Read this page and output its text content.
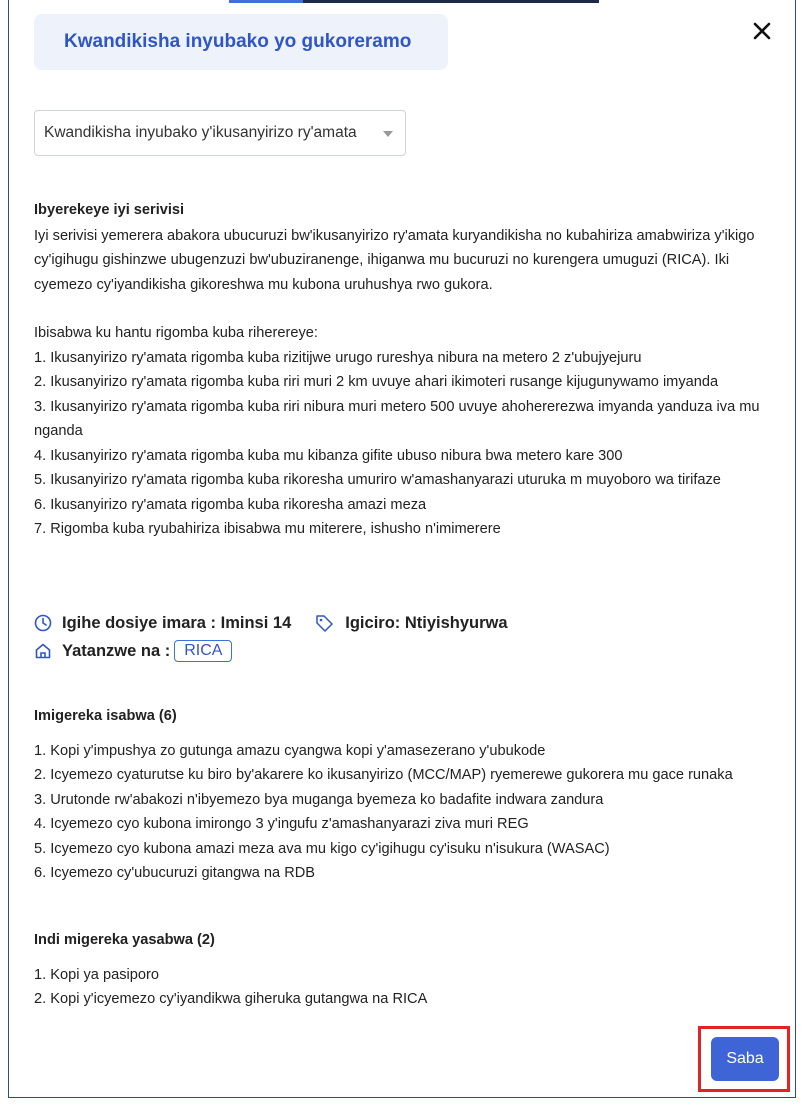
Kwandikisha inyubako yo gukoreramo
Kwandikisha inyubako y'ikusanyirizo ry'amata
Ibyerekeye iyi serivisi
Iyi serivisi yemerera abakora ubucuruzi bw'ikusanyirizo ry'amata kuryandikisha no kubahiriza amabwiriza y'ikigo cy'igihugu gishinzwe ubugenzuzi bw'ubuziranenge, ihiganwa mu bucuruzi no kurengera umuguzi (RICA). Iki cyemezo cy'iyandikisha gikoreshwa mu kubona uruhushya rwo gukora.
Ibisabwa ku hantu rigomba kuba riherereye:
1. Ikusanyirizo ry'amata rigomba kuba rizitijwe urugo rureshya nibura na metero 2 z'ubujyejuru
2. Ikusanyirizo ry'amata rigomba kuba riri muri 2 km uvuye ahari ikimoteri rusange kijugunywamo imyanda
3. Ikusanyirizo ry'amata rigomba kuba riri nibura muri metero 500 uvuye ahohererezwa imyanda yanduza iva mu nganda
4. Ikusanyirizo ry'amata rigomba kuba mu kibanza gifite ubuso nibura bwa metero kare 300
5. Ikusanyirizo ry'amata rigomba kuba rikoresha umuriro w'amashanyarazi uturuka m muyoboro wa tirifaze
6. Ikusanyirizo ry'amata rigomba kuba rikoresha amazi meza
7. Rigomba kuba ryubahiriza ibisabwa mu miterere, ishusho n'imimerere
Igihe dosiye imara : Iminsi 14	Igiciro: Ntiyishyurwa
Yatanzwe na : RICA
Imigereka isabwa (6)
1. Kopi y'impushya zo gutunga amazu cyangwa kopi y'amasezerano y'ubukode
2. Icyemezo cyaturutse ku biro by'akarere ko ikusanyirizo (MCC/MAP) ryemerewe gukorera mu gace runaka
3. Urutonde rw'abakozi n'ibyemezo bya muganga byemeza ko badafite indwara zandura
4. Icyemezo cyo kubona imirongo 3 y'ingufu z'amashanyarazi ziva muri REG
5. Icyemezo cyo kubona amazi meza ava mu kigo cy'igihugu cy'isuku n'isukura (WASAC)
6. Icyemezo cy'ubucuruzi gitangwa na RDB
Indi migereka yasabwa (2)
1. Kopi ya pasiporo
2. Kopi y'icyemezo cy'iyandikwa giheruka gutangwa na RICA
Saba
